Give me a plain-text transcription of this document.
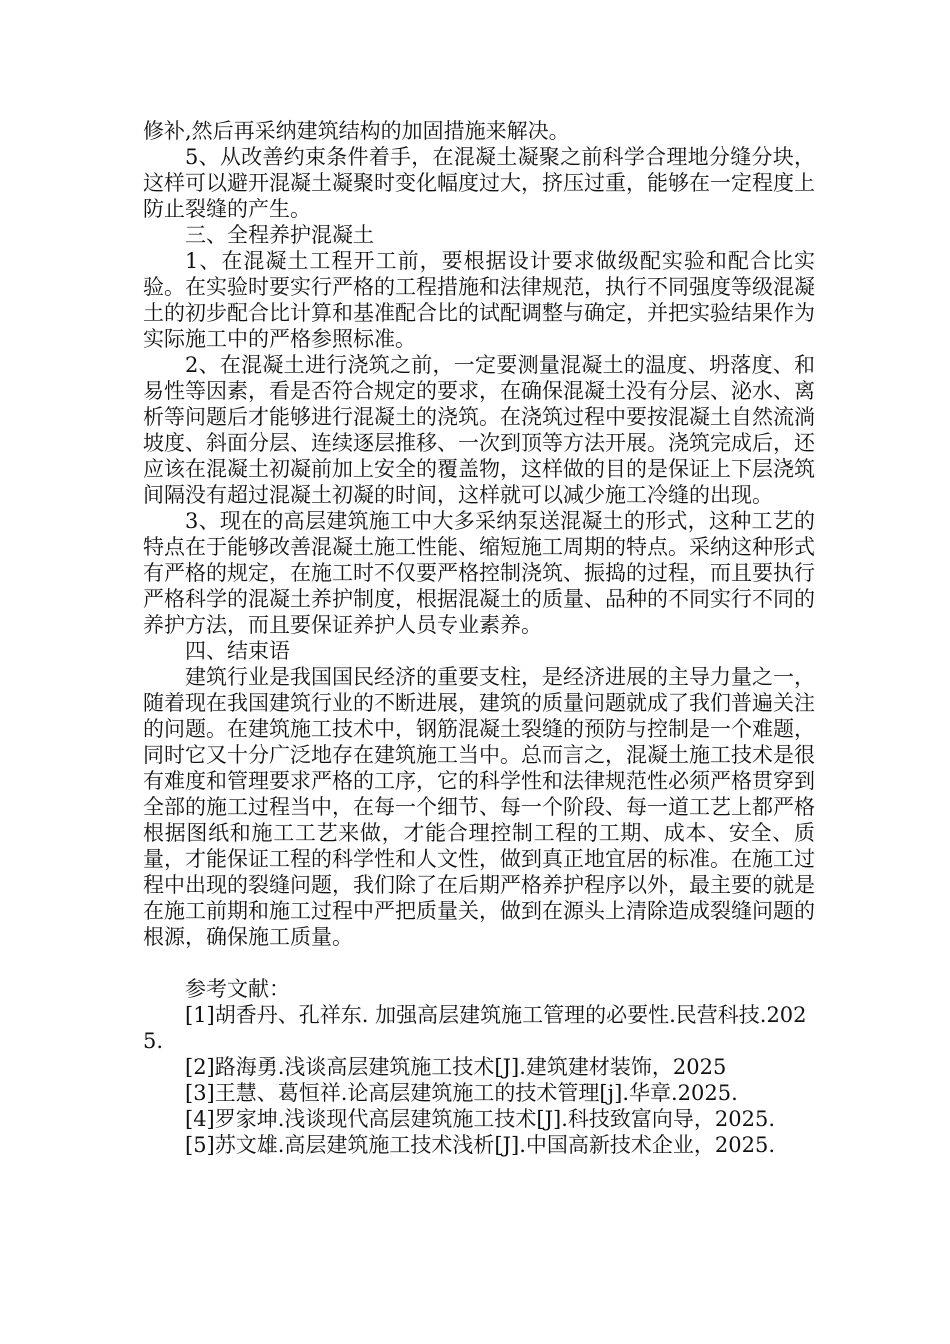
修补,然后再采纳建筑结构的加固措施来解决。

5、从改善约束条件着手，在混凝土凝聚之前科学合理地分缝分块，这样可以避开混凝土凝聚时变化幅度过大，挤压过重，能够在一定程度上防止裂缝的产生。

三、全程养护混凝土

1、在混凝土工程开工前，要根据设计要求做级配实验和配合比实验。在实验时要实行严格的工程措施和法律规范，执行不同强度等级混凝土的初步配合比计算和基准配合比的试配调整与确定，并把实验结果作为实际施工中的严格参照标准。

2、在混凝土进行浇筑之前，一定要测量混凝土的温度、坍落度、和易性等因素，看是否符合规定的要求，在确保混凝土没有分层、泌水、离析等问题后才能够进行混凝土的浇筑。在浇筑过程中要按混凝土自然流淌坡度、斜面分层、连续逐层推移、一次到顶等方法开展。浇筑完成后，还应该在混凝土初凝前加上安全的覆盖物，这样做的目的是保证上下层浇筑间隔没有超过混凝土初凝的时间，这样就可以减少施工冷缝的出现。

3、现在的高层建筑施工中大多采纳泵送混凝土的形式，这种工艺的特点在于能够改善混凝土施工性能、缩短施工周期的特点。采纳这种形式有严格的规定，在施工时不仅要严格控制浇筑、振捣的过程，而且要执行严格科学的混凝土养护制度，根据混凝土的质量、品种的不同实行不同的养护方法，而且要保证养护人员专业素养。

四、结束语

建筑行业是我国国民经济的重要支柱，是经济进展的主导力量之一，随着现在我国建筑行业的不断进展，建筑的质量问题就成了我们普遍关注的问题。在建筑施工技术中，钢筋混凝土裂缝的预防与控制是一个难题，同时它又十分广泛地存在建筑施工当中。总而言之，混凝土施工技术是很有难度和管理要求严格的工序，它的科学性和法律规范性必须严格贯穿到全部的施工过程当中，在每一个细节、每一个阶段、每一道工艺上都严格根据图纸和施工工艺来做，才能合理控制工程的工期、成本、安全、质量，才能保证工程的科学性和人文性，做到真正地宜居的标准。在施工过程中出现的裂缝问题，我们除了在后期严格养护程序以外，最主要的就是在施工前期和施工过程中严把质量关，做到在源头上清除造成裂缝问题的根源，确保施工质量。

参考文献：

[1]胡香丹、孔祥东. 加强高层建筑施工管理的必要性.民营科技.2025.

[2]路海勇.浅谈高层建筑施工技术[J].建筑建材装饰，2025

[3]王慧、葛恒祥.论高层建筑施工的技术管理[j].华章.2025.

[4]罗家坤.浅谈现代高层建筑施工技术[J].科技致富向导，2025.

[5]苏文雄.高层建筑施工技术浅析[J].中国高新技术企业，2025.
